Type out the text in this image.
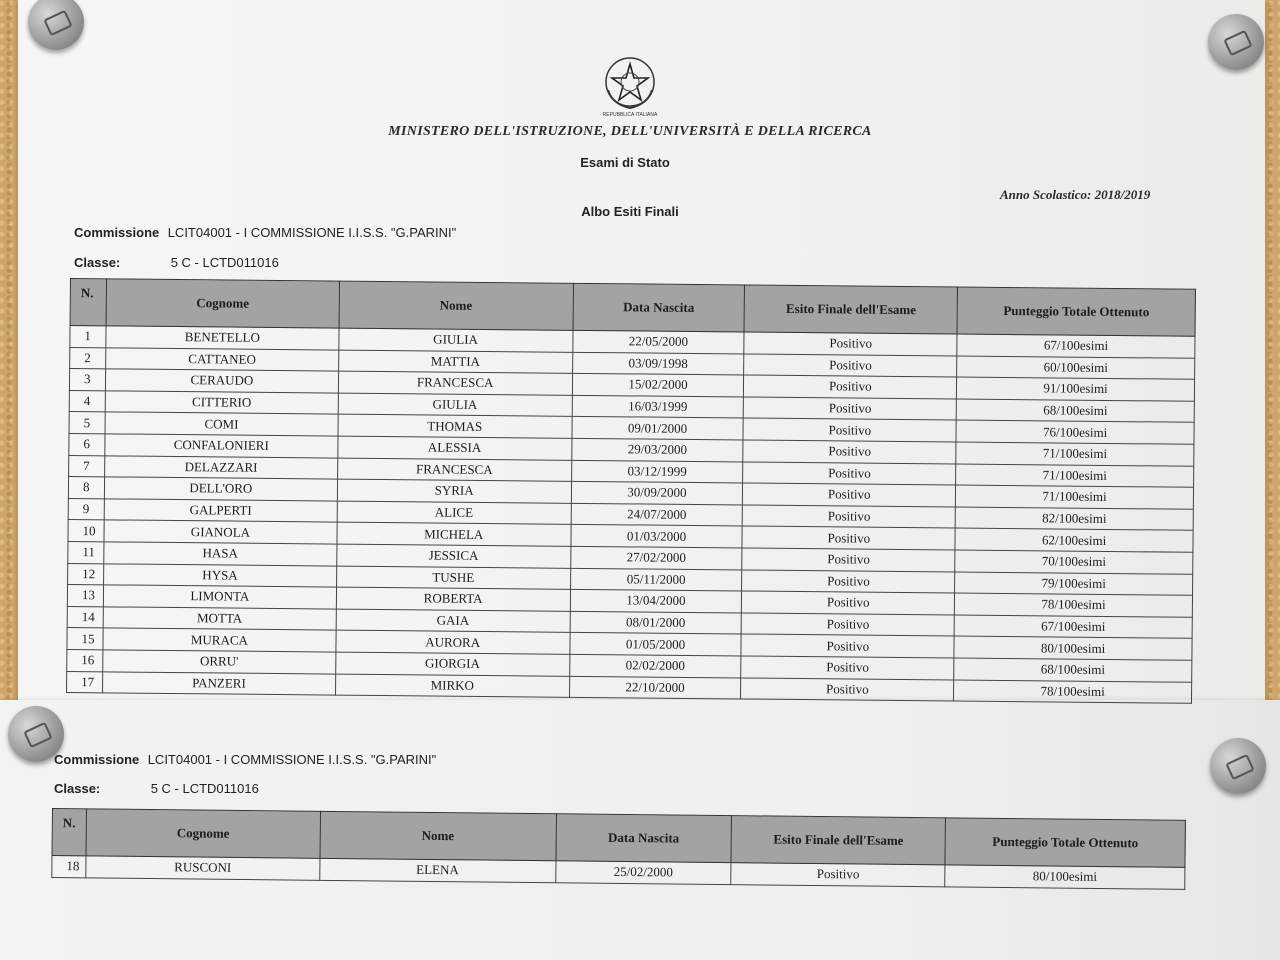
REPUBBLICA ITALIANA
MINISTERO DELL'ISTRUZIONE, DELL'UNIVERSITÀ E DELLA RICERCA
Esami di Stato
Anno Scolastico: 2018/2019
Albo Esiti Finali
Commissione LCIT04001 - I COMMISSIONE I.I.S.S. "G.PARINI"
Classe:	5 C - LCTD011016
N.	Cognome	Nome	Data Nascita	Esito Finale dell'Esame	Punteggio Totale Ottenuto
1	BENETELLO	GIULIA	22/05/2000	Positivo	67/100esimi
2	CATTANEO	MATTIA	03/09/1998	Positivo	60/100esimi
3	CERAUDO	FRANCESCA	15/02/2000	Positivo	91/100esimi
4	CITTERIO	GIULIA	16/03/1999	Positivo	68/100esimi
5	COMI	THOMAS	09/01/2000	Positivo	76/100esimi
6	CONFALONIERI	ALESSIA	29/03/2000	Positivo	71/100esimi
7	DELAZZARI	FRANCESCA	03/12/1999	Positivo	71/100esimi
8	DELL'ORO	SYRIA	30/09/2000	Positivo	71/100esimi
9	GALPERTI	ALICE	24/07/2000	Positivo	82/100esimi
10	GIANOLA	MICHELA	01/03/2000	Positivo	62/100esimi
11	HASA	JESSICA	27/02/2000	Positivo	70/100esimi
12	HYSA	TUSHE	05/11/2000	Positivo	79/100esimi
13	LIMONTA	ROBERTA	13/04/2000	Positivo	78/100esimi
14	MOTTA	GAIA	08/01/2000	Positivo	67/100esimi
15	MURACA	AURORA	01/05/2000	Positivo	80/100esimi
16	ORRU'	GIORGIA	02/02/2000	Positivo	68/100esimi
17	PANZERI	MIRKO	22/10/2000	Positivo	78/100esimi
Commissione LCIT04001 - I COMMISSIONE I.I.S.S. "G.PARINI"
Classe:	5 C - LCTD011016
N.	Cognome	Nome	Data Nascita	Esito Finale dell'Esame	Punteggio Totale Ottenuto
18	RUSCONI	ELENA	25/02/2000	Positivo	80/100esimi
